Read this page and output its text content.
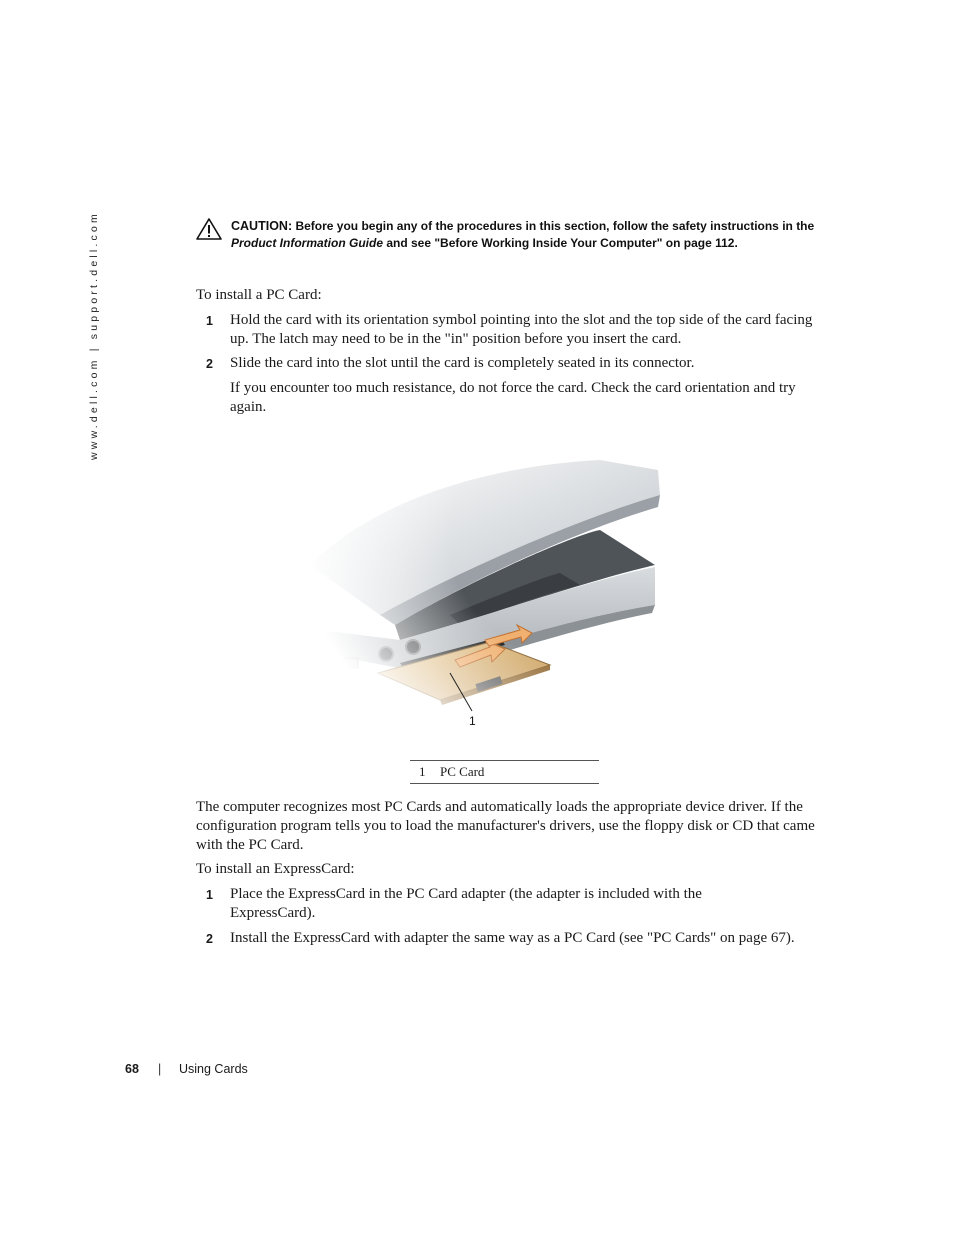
www.dell.com | support.dell.com	CAUTION: Before you begin any of the procedures in this section, follow the safety instructions in the Product Information Guide and see "Before Working Inside Your Computer" on page 112.

To install a PC Card:

1 Hold the card with its orientation symbol pointing into the slot and the top side of the card facing up. The latch may need to be in the "in" position before you insert the card.
2 Slide the card into the slot until the card is completely seated in its connector.

If you encounter too much resistance, do not force the card. Check the card orientation and try again.

1
1 PC Card

The computer recognizes most PC Cards and automatically loads the appropriate device driver. If the configuration program tells you to load the manufacturer's drivers, use the floppy disk or CD that came with the PC Card.

To install an ExpressCard:

1 Place the ExpressCard in the PC Card adapter (the adapter is included with the ExpressCard).
2 Install the ExpressCard with adapter the same way as a PC Card (see "PC Cards" on page 67).
68 | Using Cards
